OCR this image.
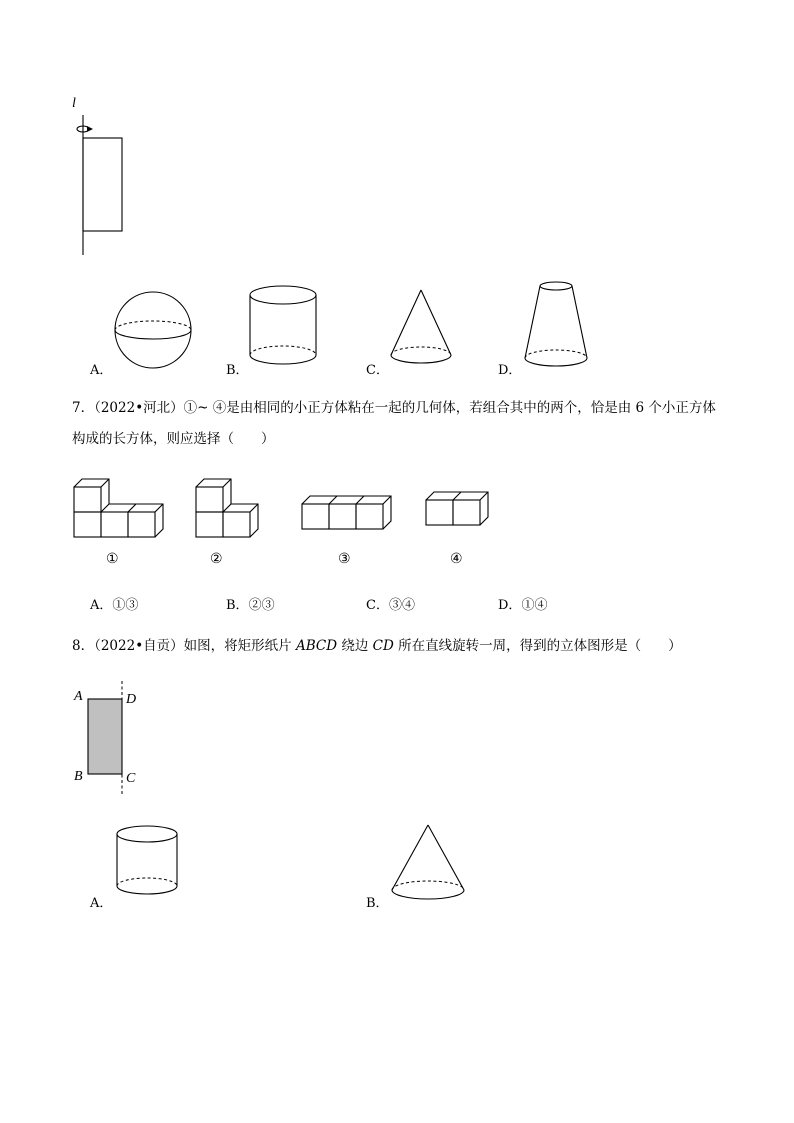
l
A．	B．	C．	D．
7．（2022•河北）①~ ④是由相同的小正方体粘在一起的几何体，若组合其中的两个，恰是由 6 个小正方体
构成的长方体，则应选择（　　）
①	②	③	④
A．①③	B．②③	C．③④	D．①④
8．（2022•自贡）如图，将矩形纸片 ABCD 绕边 CD 所在直线旋转一周，得到的立体图形是（　　）
A	D
B	C
A．	B．
